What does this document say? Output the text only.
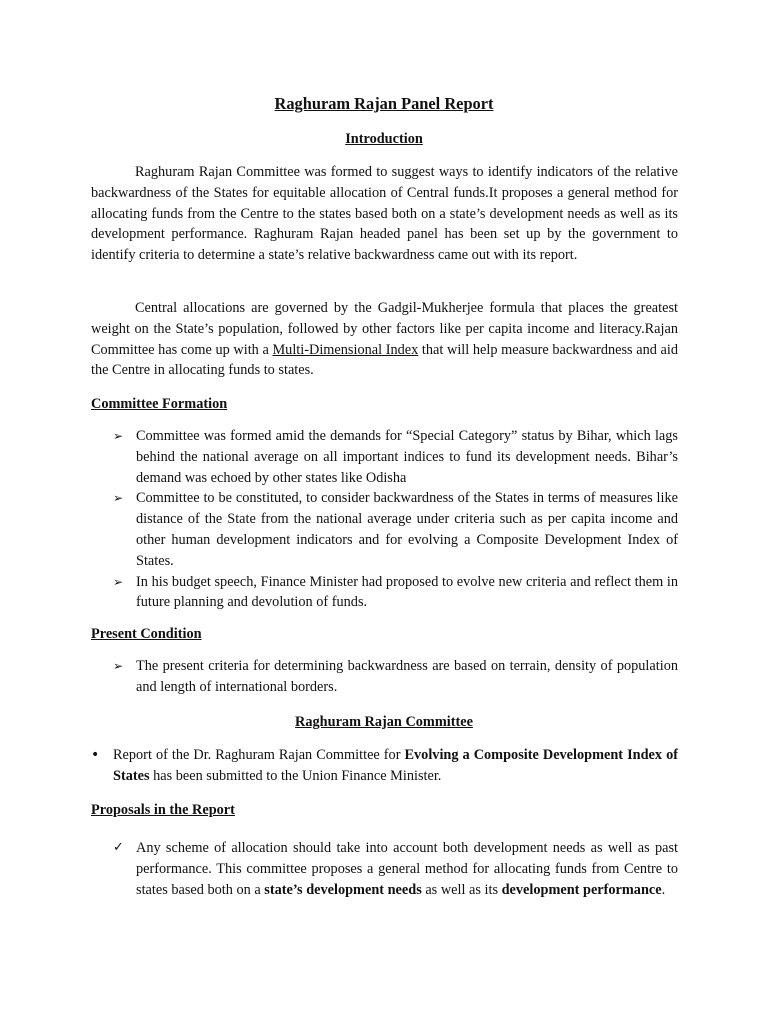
Raghuram Rajan Panel Report
Introduction

Raghuram Rajan Committee was formed to suggest ways to identify indicators of the relative backwardness of the States for equitable allocation of Central funds.It proposes a general method for allocating funds from the Centre to the states based both on a state’s development needs as well as its development performance. Raghuram Rajan headed panel has been set up by the government to identify criteria to determine a state’s relative backwardness came out with its report.

Central allocations are governed by the Gadgil-Mukherjee formula that places the greatest weight on the State’s population, followed by other factors like per capita income and literacy.Rajan Committee has come up with a Multi-Dimensional Index that will help measure backwardness and aid the Centre in allocating funds to states.

Committee Formation
➢ Committee was formed amid the demands for “Special Category” status by Bihar, which lags behind the national average on all important indices to fund its development needs. Bihar’s demand was echoed by other states like Odisha
➢ Committee to be constituted, to consider backwardness of the States in terms of measures like distance of the State from the national average under criteria such as per capita income and other human development indicators and for evolving a Composite Development Index of States.
➢ In his budget speech, Finance Minister had proposed to evolve new criteria and reflect them in future planning and devolution of funds.
Present Condition
➢ The present criteria for determining backwardness are based on terrain, density of population and length of international borders.
Raghuram Rajan Committee
• Report of the Dr. Raghuram Rajan Committee for Evolving a Composite Development Index of States has been submitted to the Union Finance Minister.
Proposals in the Report
✓ Any scheme of allocation should take into account both development needs as well as past performance. This committee proposes a general method for allocating funds from Centre to states based both on a state’s development needs as well as its development performance.
